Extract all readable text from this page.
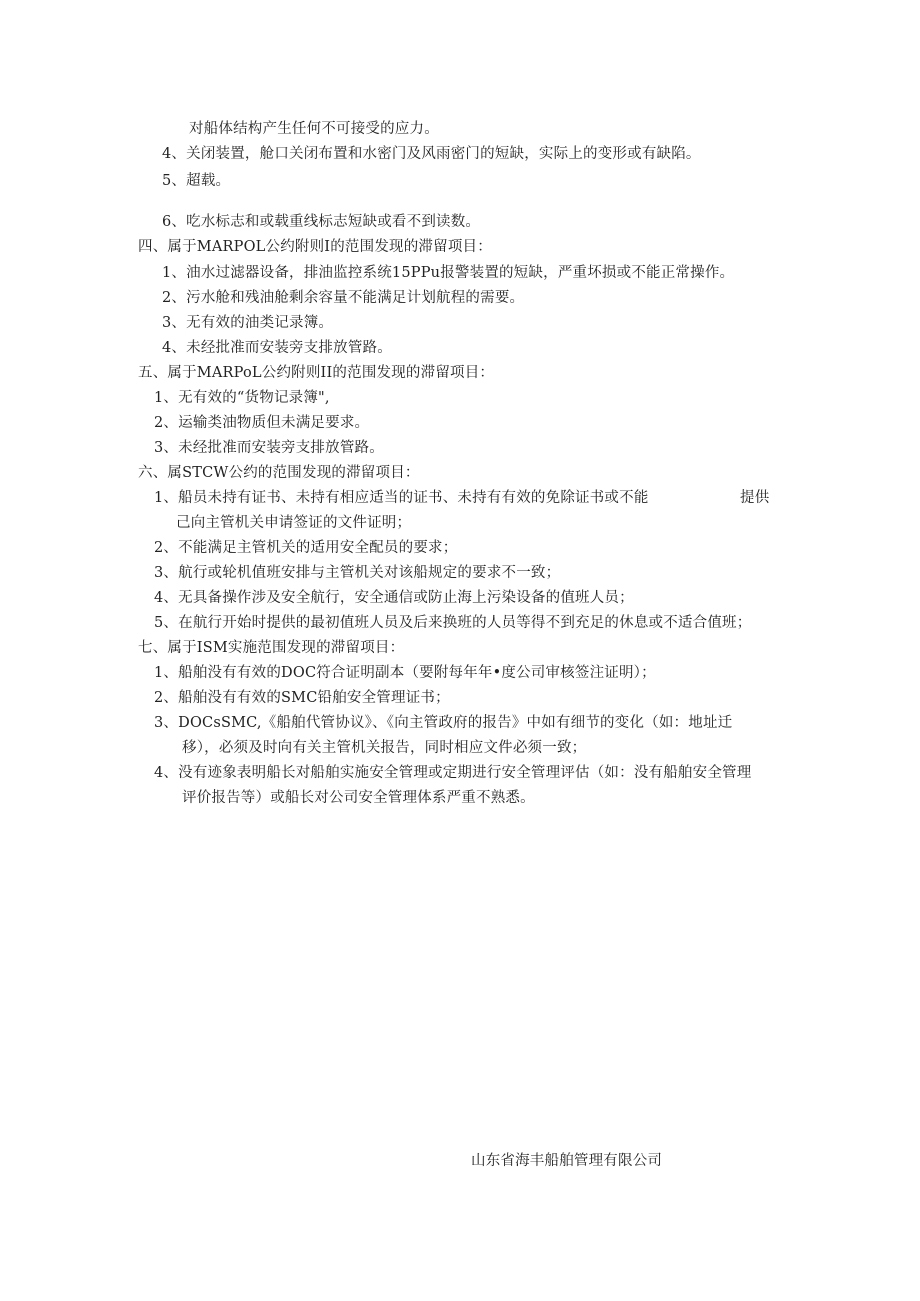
对船体结构产生任何不可接受的应力。
4、关闭装置，舱口关闭布置和水密门及风雨密门的短缺，实际上的变形或有缺陷。
5、超载。
6、吃水标志和或载重线标志短缺或看不到读数。
四、属于MARPOL公约附则I的范围发现的滞留项目：
1、油水过滤器设备，排油监控系统15PPu报警装置的短缺，严重坏损或不能正常操作。
2、污水舱和残油舱剩余容量不能满足计划航程的需要。
3、无有效的油类记录簿。
4、未经批准而安装旁支排放管路。
五、属于MARPoL公约附则II的范围发现的滞留项目：
1、无有效的“货物记录簿",
2、运输类油物质但未满足要求。
3、未经批准而安装旁支排放管路。
六、属STCW公约的范围发现的滞留项目：
1、船员未持有证书、未持有相应适当的证书、未持有有效的免除证书或不能	提供
己向主管机关申请签证的文件证明；
2、不能满足主管机关的适用安全配员的要求；
3、航行或轮机值班安排与主管机关对该船规定的要求不一致；
4、无具备操作涉及安全航行，安全通信或防止海上污染设备的值班人员；
5、在航行开始时提供的最初值班人员及后来换班的人员等得不到充足的休息或不适合值班；
七、属于ISM实施范围发现的滞留项目：
1、船舶没有有效的DOC符合证明副本（要附每年年•度公司审核签注证明）；
2、船舶没有有效的SMC铅舶安全管理证书；
3、DOCsSMC,《船舶代管协议》、《向主管政府的报告》中如有细节的变化（如：地址迁
移），必须及时向有关主管机关报告，同时相应文件必须一致；
4、没有迹象表明船长对船舶实施安全管理或定期进行安全管理评估（如：没有船舶安全管理
评价报告等）或船长对公司安全管理体系严重不熟悉。
山东省海丰船舶管理有限公司
